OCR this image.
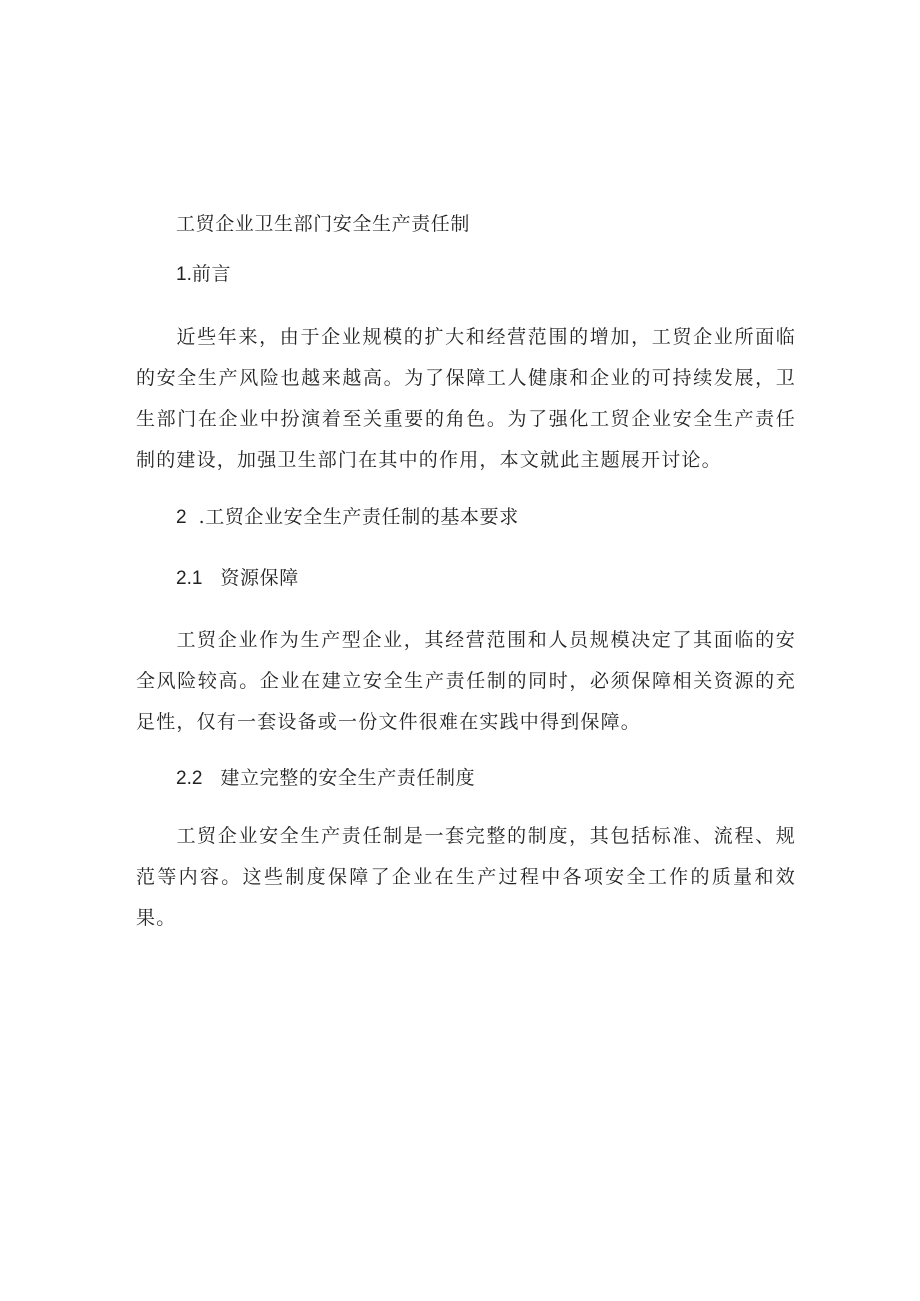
工贸企业卫生部门安全生产责任制
1.前言
近些年来，由于企业规模的扩大和经营范围的增加，工贸企业所面临的安全生产风险也越来越高。为了保障工人健康和企业的可持续发展，卫生部门在企业中扮演着至关重要的角色。为了强化工贸企业安全生产责任制的建设，加强卫生部门在其中的作用，本文就此主题展开讨论。
2 .工贸企业安全生产责任制的基本要求
2.1 资源保障
工贸企业作为生产型企业，其经营范围和人员规模决定了其面临的安全风险较高。企业在建立安全生产责任制的同时，必须保障相关资源的充足性，仅有一套设备或一份文件很难在实践中得到保障。
2.2 建立完整的安全生产责任制度
工贸企业安全生产责任制是一套完整的制度，其包括标准、流程、规范等内容。这些制度保障了企业在生产过程中各项安全工作的质量和效果。
